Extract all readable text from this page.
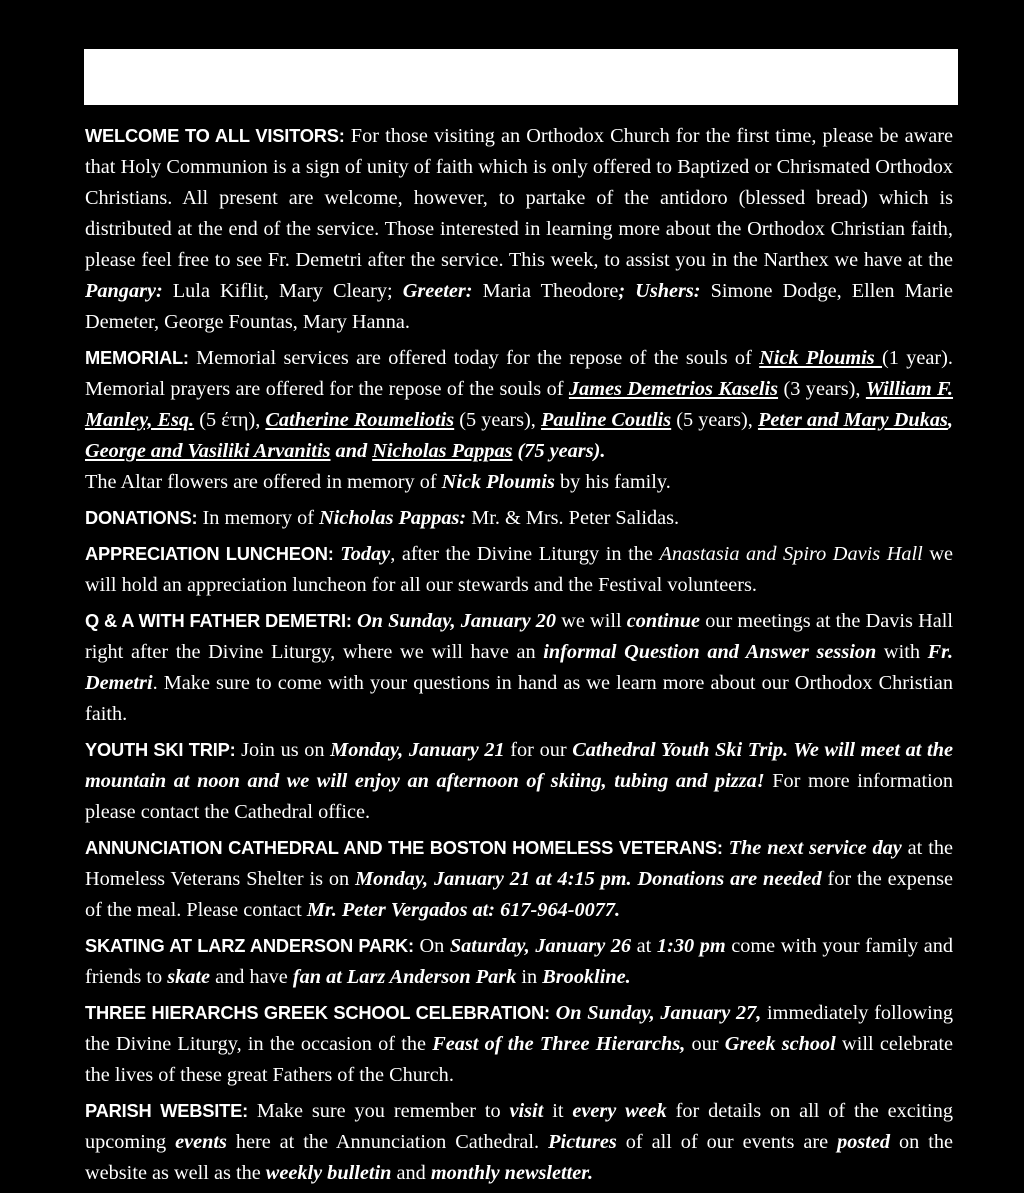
WELCOME TO ALL VISITORS: For those visiting an Orthodox Church for the first time, please be aware that Holy Communion is a sign of unity of faith which is only offered to Baptized or Chrismated Orthodox Christians. All present are welcome, however, to partake of the antidoro (blessed bread) which is distributed at the end of the service. Those interested in learning more about the Orthodox Christian faith, please feel free to see Fr. Demetri after the service. This week, to assist you in the Narthex we have at the Pangary: Lula Kiflit, Mary Cleary; Greeter: Maria Theodore; Ushers: Simone Dodge, Ellen Marie Demeter, George Fountas, Mary Hanna.

MEMORIAL: Memorial services are offered today for the repose of the souls of Nick Ploumis (1 year). Memorial prayers are offered for the repose of the souls of James Demetrios Kaselis (3 years), William F. Manley, Esq. (5 έτη), Catherine Roumeliotis (5 years), Pauline Coutlis (5 years), Peter and Mary Dukas, George and Vasiliki Arvanitis and Nicholas Pappas (75 years).
The Altar flowers are offered in memory of Nick Ploumis by his family.

DONATIONS: In memory of Nicholas Pappas: Mr. & Mrs. Peter Salidas.

APPRECIATION LUNCHEON: Today, after the Divine Liturgy in the Anastasia and Spiro Davis Hall we will hold an appreciation luncheon for all our stewards and the Festival volunteers.

Q & A WITH FATHER DEMETRI: On Sunday, January 20 we will continue our meetings at the Davis Hall right after the Divine Liturgy, where we will have an informal Question and Answer session with Fr. Demetri. Make sure to come with your questions in hand as we learn more about our Orthodox Christian faith.

YOUTH SKI TRIP: Join us on Monday, January 21 for our Cathedral Youth Ski Trip. We will meet at the mountain at noon and we will enjoy an afternoon of skiing, tubing and pizza! For more information please contact the Cathedral office.

ANNUNCIATION CATHEDRAL AND THE BOSTON HOMELESS VETERANS: The next service day at the Homeless Veterans Shelter is on Monday, January 21 at 4:15 pm. Donations are needed for the expense of the meal. Please contact Mr. Peter Vergados at: 617-964-0077.

SKATING AT LARZ ANDERSON PARK: On Saturday, January 26 at 1:30 pm come with your family and friends to skate and have fan at Larz Anderson Park in Brookline.

THREE HIERARCHS GREEK SCHOOL CELEBRATION: On Sunday, January 27, immediately following the Divine Liturgy, in the occasion of the Feast of the Three Hierarchs, our Greek school will celebrate the lives of these great Fathers of the Church.

PARISH WEBSITE: Make sure you remember to visit it every week for details on all of the exciting upcoming events here at the Annunciation Cathedral. Pictures of all of our events are posted on the website as well as the weekly bulletin and monthly newsletter.
